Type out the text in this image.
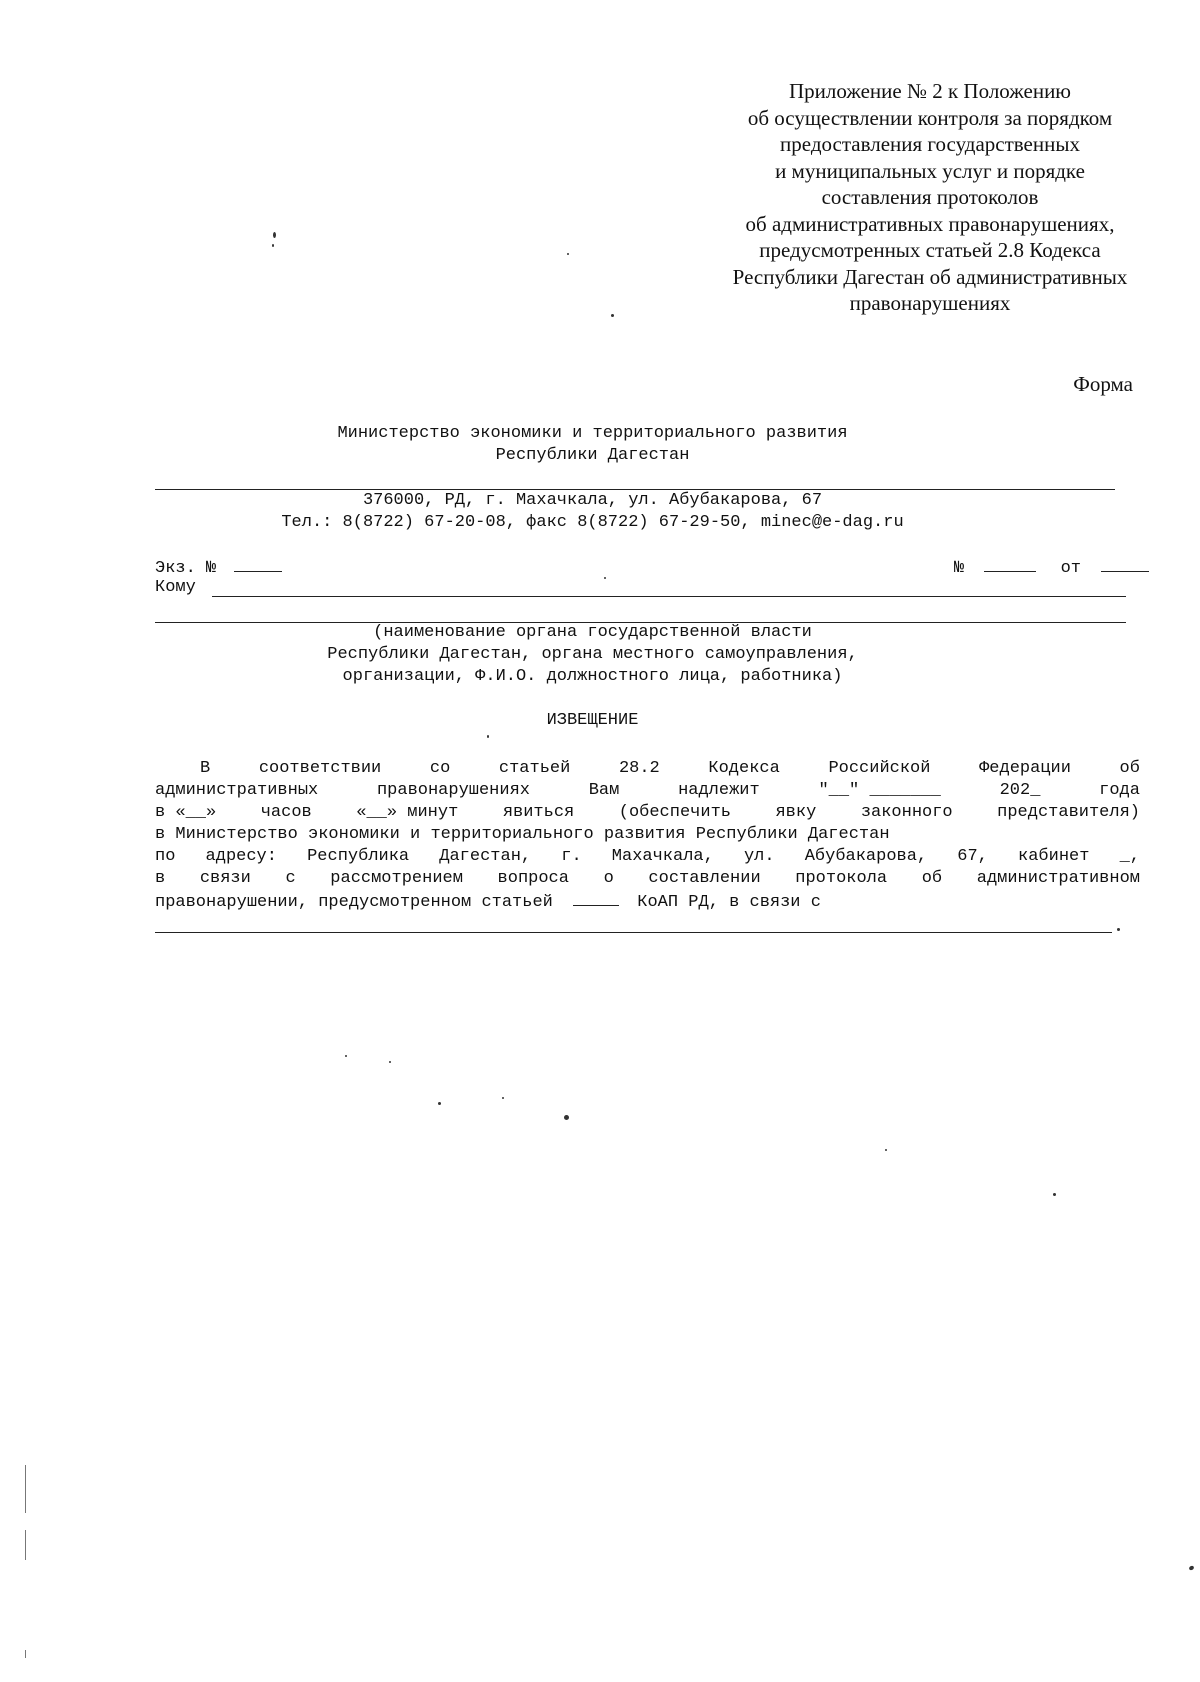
Приложение № 2 к Положению
об осуществлении контроля за порядком
предоставления государственных
и муниципальных услуг и порядке
составления протоколов
об административных правонарушениях,
предусмотренных статьей 2.8 Кодекса
Республики Дагестан об административных
правонарушениях
Форма
Министерство экономики и территориального развития
Республики Дагестан
376000, РД, г. Махачкала, ул. Абубакарова, 67
Тел.: 8(8722) 67-20-08, факс 8(8722) 67-29-50, minec@e-dag.ru
Экз. №	№	от
Кому
(наименование органа государственной власти
Республики Дагестан, органа местного самоуправления,
организации, Ф.И.О. должностного лица, работника)
ИЗВЕЩЕНИЕ
В	соответствии	со	статьей	28.2	Кодекса	Российской	Федерации	об
административных	правонарушениях	Вам	надлежит	"__" _______	202_	года
в «__»	часов	«__» минут	явиться	(обеспечить	явку	законного	представителя)
в Министерство экономики и территориального развития Республики Дагестан
по адресу: Республика Дагестан, г. Махачкала, ул. Абубакарова, 67, кабинет _,
в связи с рассмотрением вопроса о составлении протокола об административном
правонарушении, предусмотренном статьей	КоАП РД, в связи с
